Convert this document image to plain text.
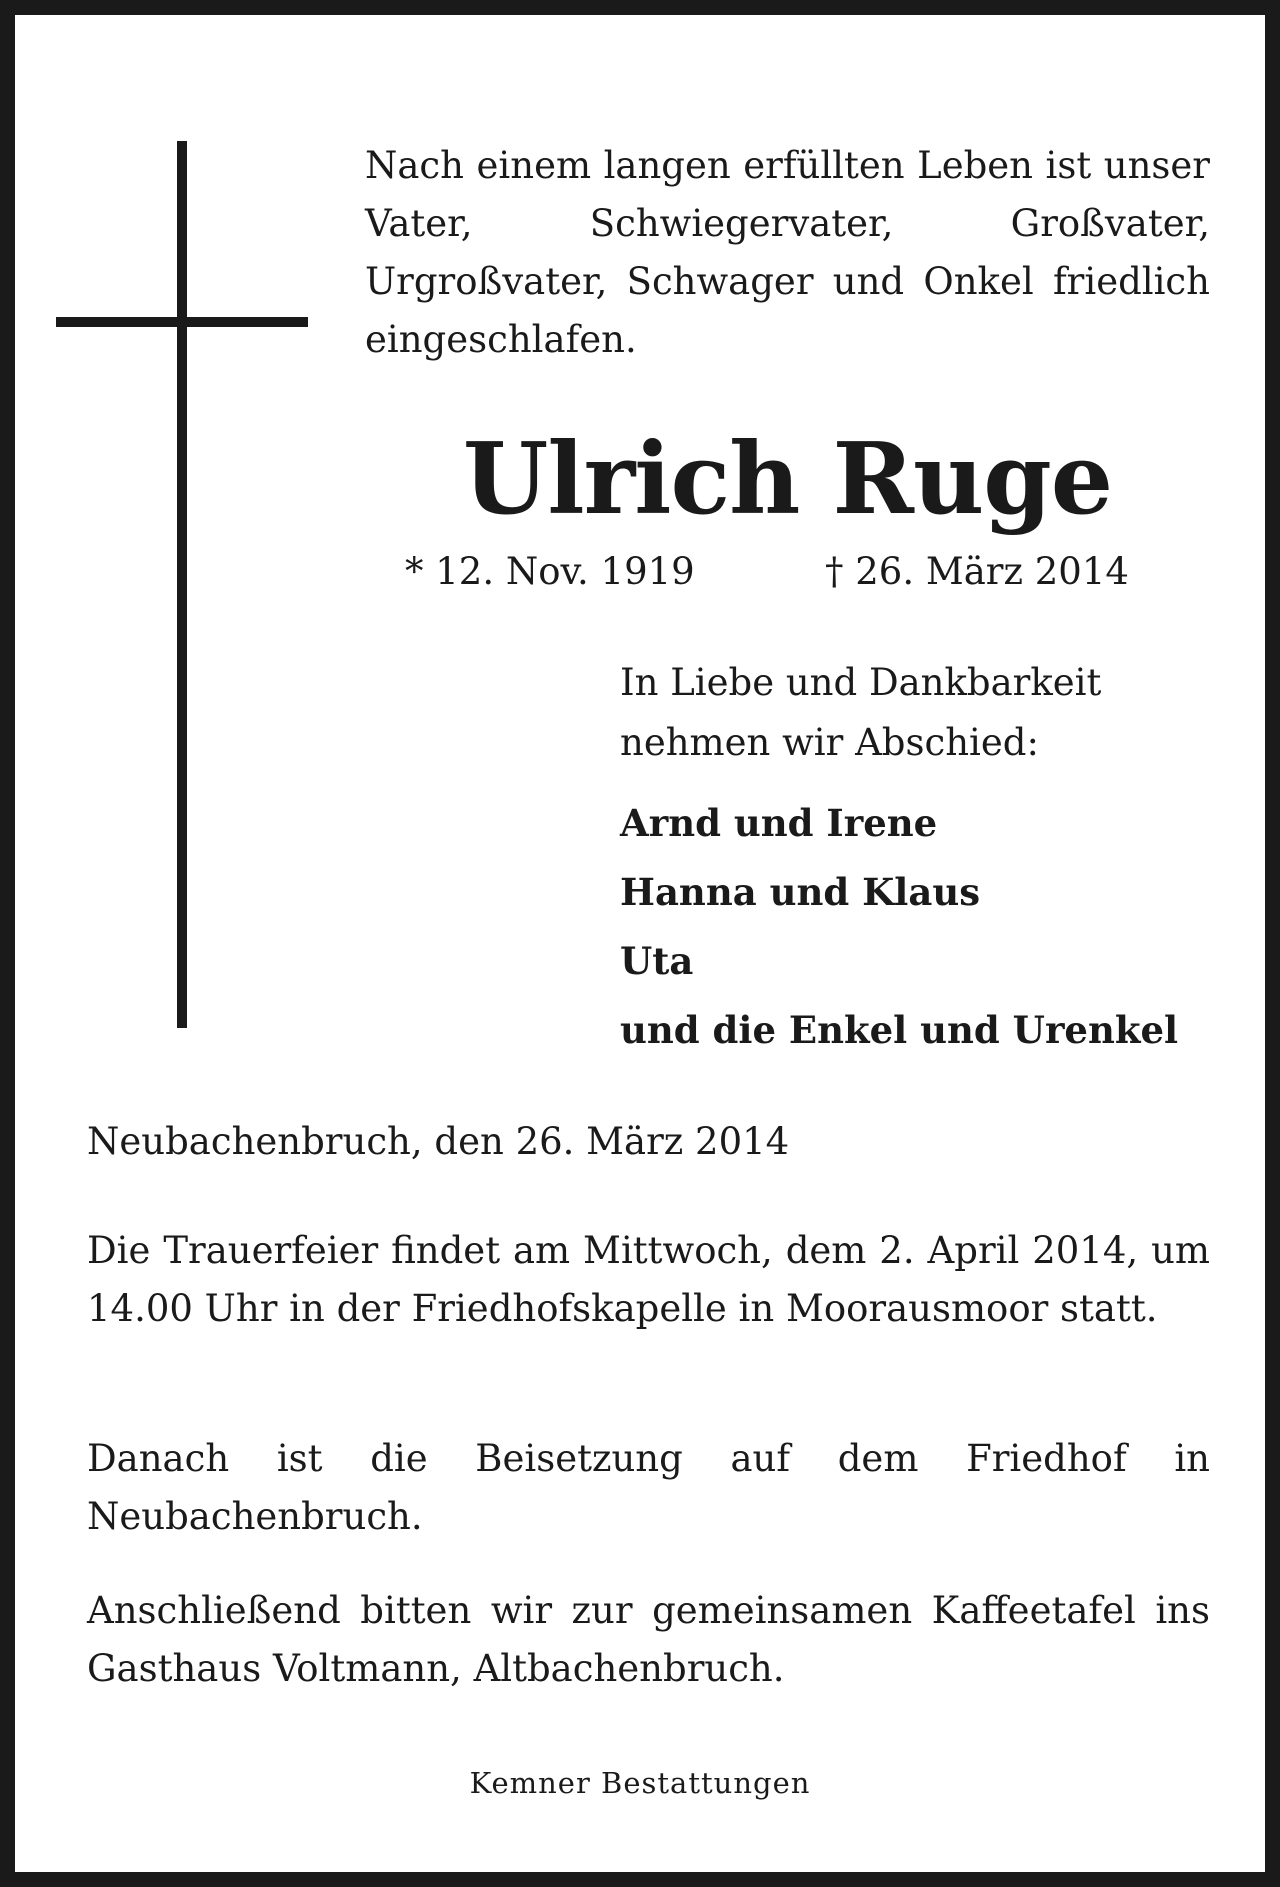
Nach einem langen erfüllten Leben ist unser Vater, Schwiegervater, Großvater, Urgroßvater, Schwager und Onkel friedlich eingeschlafen.

Ulrich Ruge
* 12. Nov. 1919	† 26. März 2014

In Liebe und Dankbarkeit nehmen wir Abschied:

Arnd und Irene
Hanna und Klaus
Uta
und die Enkel und Urenkel
Neubachenbruch, den 26. März 2014

Die Trauerfeier findet am Mittwoch, dem 2. April 2014, um 14.00 Uhr in der Friedhofskapelle in Moorausmoor statt.

Danach ist die Beisetzung auf dem Friedhof in Neubachenbruch.

Anschließend bitten wir zur gemeinsamen Kaffeetafel ins Gasthaus Voltmann, Altbachenbruch.

Kemner Bestattungen
